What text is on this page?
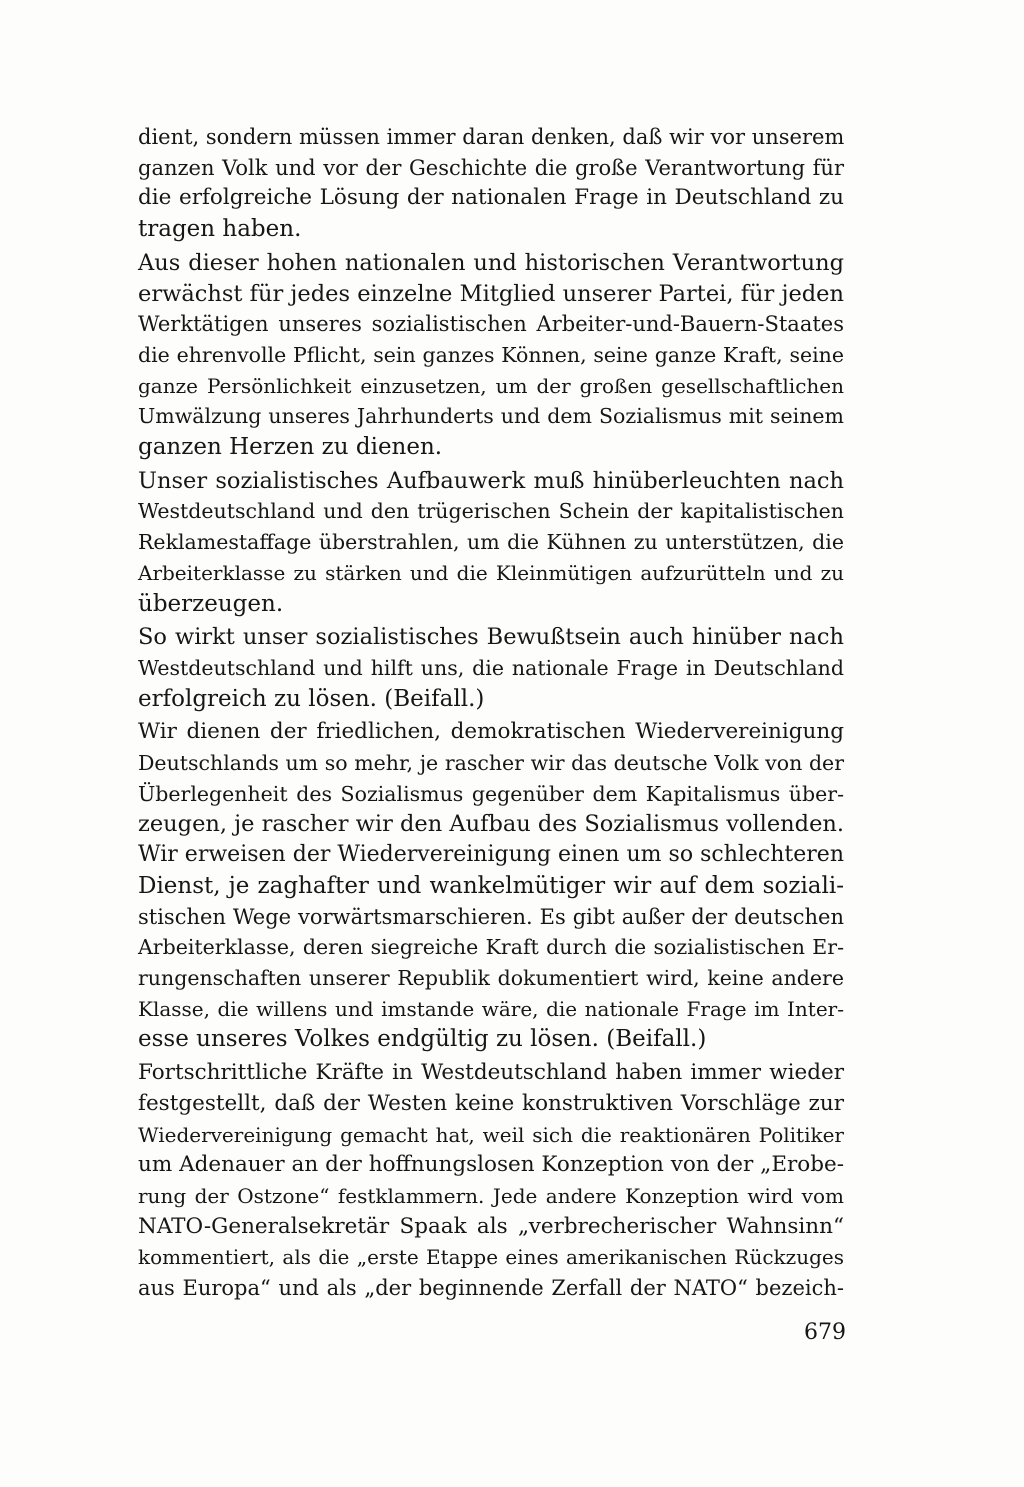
dient, sondern müssen immer daran denken, daß wir vor unserem
ganzen Volk und vor der Geschichte die große Verantwortung für
die erfolgreiche Lösung der nationalen Frage in Deutschland zu
tragen haben.
Aus dieser hohen nationalen und historischen Verantwortung
erwächst für jedes einzelne Mitglied unserer Partei, für jeden
Werktätigen unseres sozialistischen Arbeiter-und-Bauern-Staates
die ehrenvolle Pflicht, sein ganzes Können, seine ganze Kraft, seine
ganze Persönlichkeit einzusetzen, um der großen gesellschaftlichen
Umwälzung unseres Jahrhunderts und dem Sozialismus mit seinem
ganzen Herzen zu dienen.
Unser sozialistisches Aufbauwerk muß hinüberleuchten nach
Westdeutschland und den trügerischen Schein der kapitalistischen
Reklamestaffage überstrahlen, um die Kühnen zu unterstützen, die
Arbeiterklasse zu stärken und die Kleinmütigen aufzurütteln und zu
überzeugen.
So wirkt unser sozialistisches Bewußtsein auch hinüber nach
Westdeutschland und hilft uns, die nationale Frage in Deutschland
erfolgreich zu lösen. (Beifall.)
Wir dienen der friedlichen, demokratischen Wiedervereinigung
Deutschlands um so mehr, je rascher wir das deutsche Volk von der
Überlegenheit des Sozialismus gegenüber dem Kapitalismus über-
zeugen, je rascher wir den Aufbau des Sozialismus vollenden.
Wir erweisen der Wiedervereinigung einen um so schlechteren
Dienst, je zaghafter und wankelmütiger wir auf dem soziali-
stischen Wege vorwärtsmarschieren. Es gibt außer der deutschen
Arbeiterklasse, deren siegreiche Kraft durch die sozialistischen Er-
rungenschaften unserer Republik dokumentiert wird, keine andere
Klasse, die willens und imstande wäre, die nationale Frage im Inter-
esse unseres Volkes endgültig zu lösen. (Beifall.)
Fortschrittliche Kräfte in Westdeutschland haben immer wieder
festgestellt, daß der Westen keine konstruktiven Vorschläge zur
Wiedervereinigung gemacht hat, weil sich die reaktionären Politiker
um Adenauer an der hoffnungslosen Konzeption von der „Erobe-
rung der Ostzone“ festklammern. Jede andere Konzeption wird vom
NATO-Generalsekretär Spaak als „verbrecherischer Wahnsinn“
kommentiert, als die „erste Etappe eines amerikanischen Rückzuges
aus Europa“ und als „der beginnende Zerfall der NATO“ bezeich-
679
